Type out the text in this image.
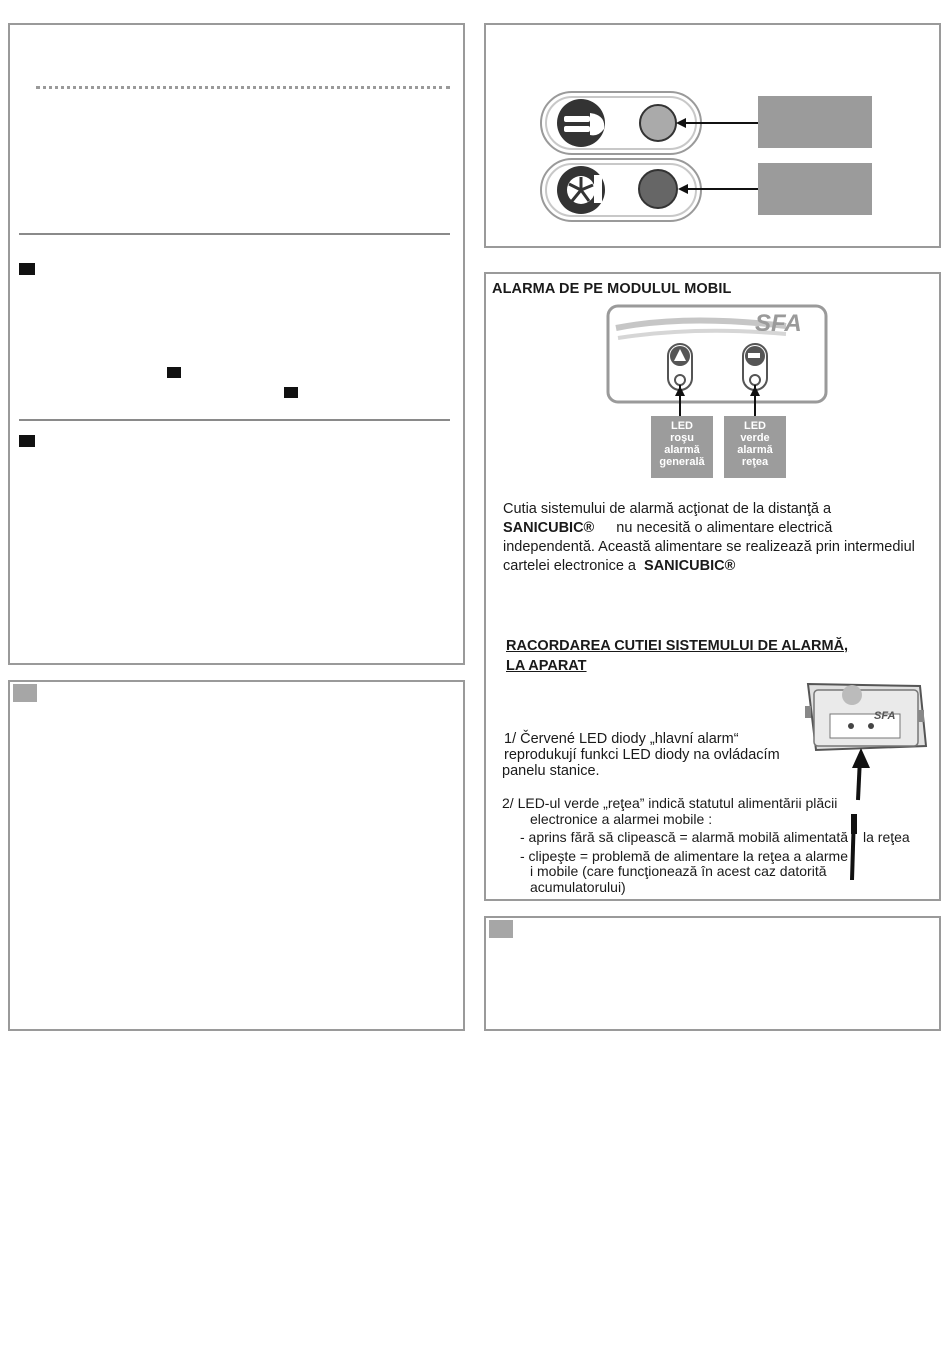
ALARMA DE PE MODULUL MOBIL
SFA
LED
roşu
alarmă
generală
LED
verde
alarmă
reţea
Cutia sistemului de alarmă acţionat de la distanţă a
SANICUBIC® nu necesită o alimentare electrică
independentă. Această alimentare se realizează prin intermediul
cartelei electronice a SANICUBIC®
RACORDAREA CUTIEI SISTEMULUI DE ALARMĂ,
LA APARAT
SFA
1/ Červené LED diody „hlavní alarm“
reprodukují funkci LED diody na ovládacím
panelu stanice.
2/ LED-ul verde „reţea” indică statutul alimentării plăcii
electronice a alarmei mobile :
- aprins fără să clipească = alarmă mobilă alimentată la reţea
- clipeşte = problemă de alimentare la reţea a alarme
i mobile (care funcţionează în acest caz datorită
acumulatorului)
